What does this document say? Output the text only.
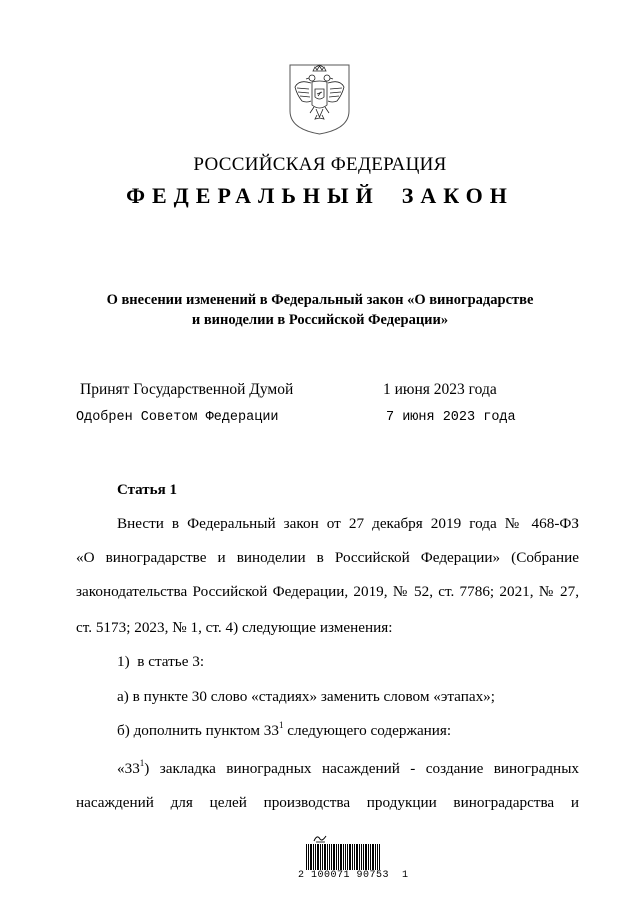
РОССИЙСКАЯ ФЕДЕРАЦИЯ
ФЕДЕРАЛЬНЫЙ ЗАКОН
О внесении изменений в Федеральный закон «О виноградарстве
и виноделии в Российской Федерации»
Принят Государственной Думой	1 июня 2023 года
Одобрен Советом Федерации	7 июня 2023 года
Статья 1
Внести в Федеральный закон от 27 декабря 2019 года № 468-ФЗ
«О виноградарстве и виноделии в Российской Федерации» (Собрание
законодательства Российской Федерации, 2019, № 52, ст. 7786; 2021, № 27,
ст. 5173; 2023, № 1, ст. 4) следующие изменения:
1)  в статье 3:
а) в пункте 30 слово «стадиях» заменить словом «этапах»;
б) дополнить пунктом $33^1$ следующего содержания:
«$33^1$) закладка виноградных насаждений - создание виноградных
насаждений для целей производства продукции виноградарства и
2 100071 90753  1
